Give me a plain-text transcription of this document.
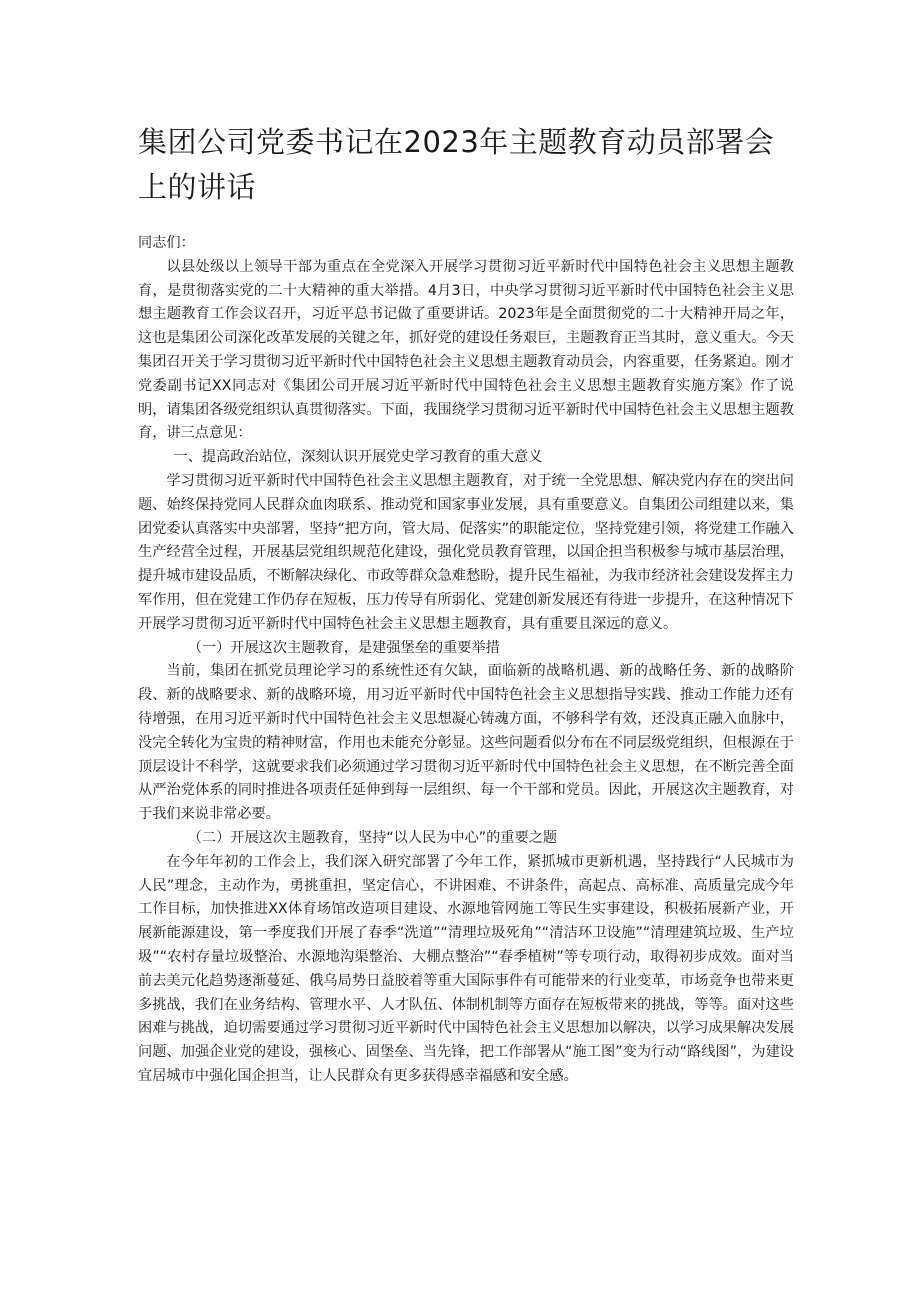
集团公司党委书记在2023年主题教育动员部署会上的讲话

同志们：

以县处级以上领导干部为重点在全党深入开展学习贯彻习近平新时代中国特色社会主义思想主题教育，是贯彻落实党的二十大精神的重大举措。4月3日，中央学习贯彻习近平新时代中国特色社会主义思想主题教育工作会议召开，习近平总书记做了重要讲话。2023年是全面贯彻党的二十大精神开局之年，这也是集团公司深化改革发展的关键之年，抓好党的建设任务艰巨，主题教育正当其时，意义重大。今天集团召开关于学习贯彻习近平新时代中国特色社会主义思想主题教育动员会，内容重要，任务紧迫。刚才党委副书记XX同志对《集团公司开展习近平新时代中国特色社会主义思想主题教育实施方案》作了说明，请集团各级党组织认真贯彻落实。下面，我围绕学习贯彻习近平新时代中国特色社会主义思想主题教育，讲三点意见：

一、提高政治站位，深刻认识开展党史学习教育的重大意义

学习贯彻习近平新时代中国特色社会主义思想主题教育，对于统一全党思想、解决党内存在的突出问题、始终保持党同人民群众血肉联系、推动党和国家事业发展，具有重要意义。自集团公司组建以来，集团党委认真落实中央部署，坚持“把方向，管大局、促落实”的职能定位，坚持党建引领，将党建工作融入生产经营全过程，开展基层党组织规范化建设，强化党员教育管理，以国企担当积极参与城市基层治理，提升城市建设品质，不断解决绿化、市政等群众急难愁盼，提升民生福祉，为我市经济社会建设发挥主力军作用，但在党建工作仍存在短板，压力传导有所弱化、党建创新发展还有待进一步提升，在这种情况下开展学习贯彻习近平新时代中国特色社会主义思想主题教育，具有重要且深远的意义。

（一）开展这次主题教育，是建强堡垒的重要举措

当前，集团在抓党员理论学习的系统性还有欠缺，面临新的战略机遇、新的战略任务、新的战略阶段、新的战略要求、新的战略环境，用习近平新时代中国特色社会主义思想指导实践、推动工作能力还有待增强，在用习近平新时代中国特色社会主义思想凝心铸魂方面，不够科学有效，还没真正融入血脉中，没完全转化为宝贵的精神财富，作用也未能充分彰显。这些问题看似分布在不同层级党组织，但根源在于顶层设计不科学，这就要求我们必须通过学习贯彻习近平新时代中国特色社会主义思想，在不断完善全面从严治党体系的同时推进各项责任延伸到每一层组织、每一个干部和党员。因此，开展这次主题教育，对于我们来说非常必要。

（二）开展这次主题教育，坚持“以人民为中心”的重要之题

在今年年初的工作会上，我们深入研究部署了今年工作，紧抓城市更新机遇，坚持践行“人民城市为人民”理念，主动作为，勇挑重担，坚定信心，不讲困难、不讲条件，高起点、高标准、高质量完成今年工作目标，加快推进XX体育场馆改造项目建设、水源地管网施工等民生实事建设，积极拓展新产业，开展新能源建设，第一季度我们开展了春季“洗道”“清理垃圾死角”“清洁环卫设施”“清理建筑垃圾、生产垃圾”“农村存量垃圾整治、水源地沟渠整治、大棚点整治”“春季植树”等专项行动，取得初步成效。面对当前去美元化趋势逐渐蔓延、俄乌局势日益胶着等重大国际事件有可能带来的行业变革，市场竞争也带来更多挑战，我们在业务结构、管理水平、人才队伍、体制机制等方面存在短板带来的挑战，等等。面对这些困难与挑战，迫切需要通过学习贯彻习近平新时代中国特色社会主义思想加以解决，以学习成果解决发展问题、加强企业党的建设，强核心、固堡垒、当先锋，把工作部署从“施工图”变为行动“路线图”，为建设宜居城市中强化国企担当，让人民群众有更多获得感幸福感和安全感。
